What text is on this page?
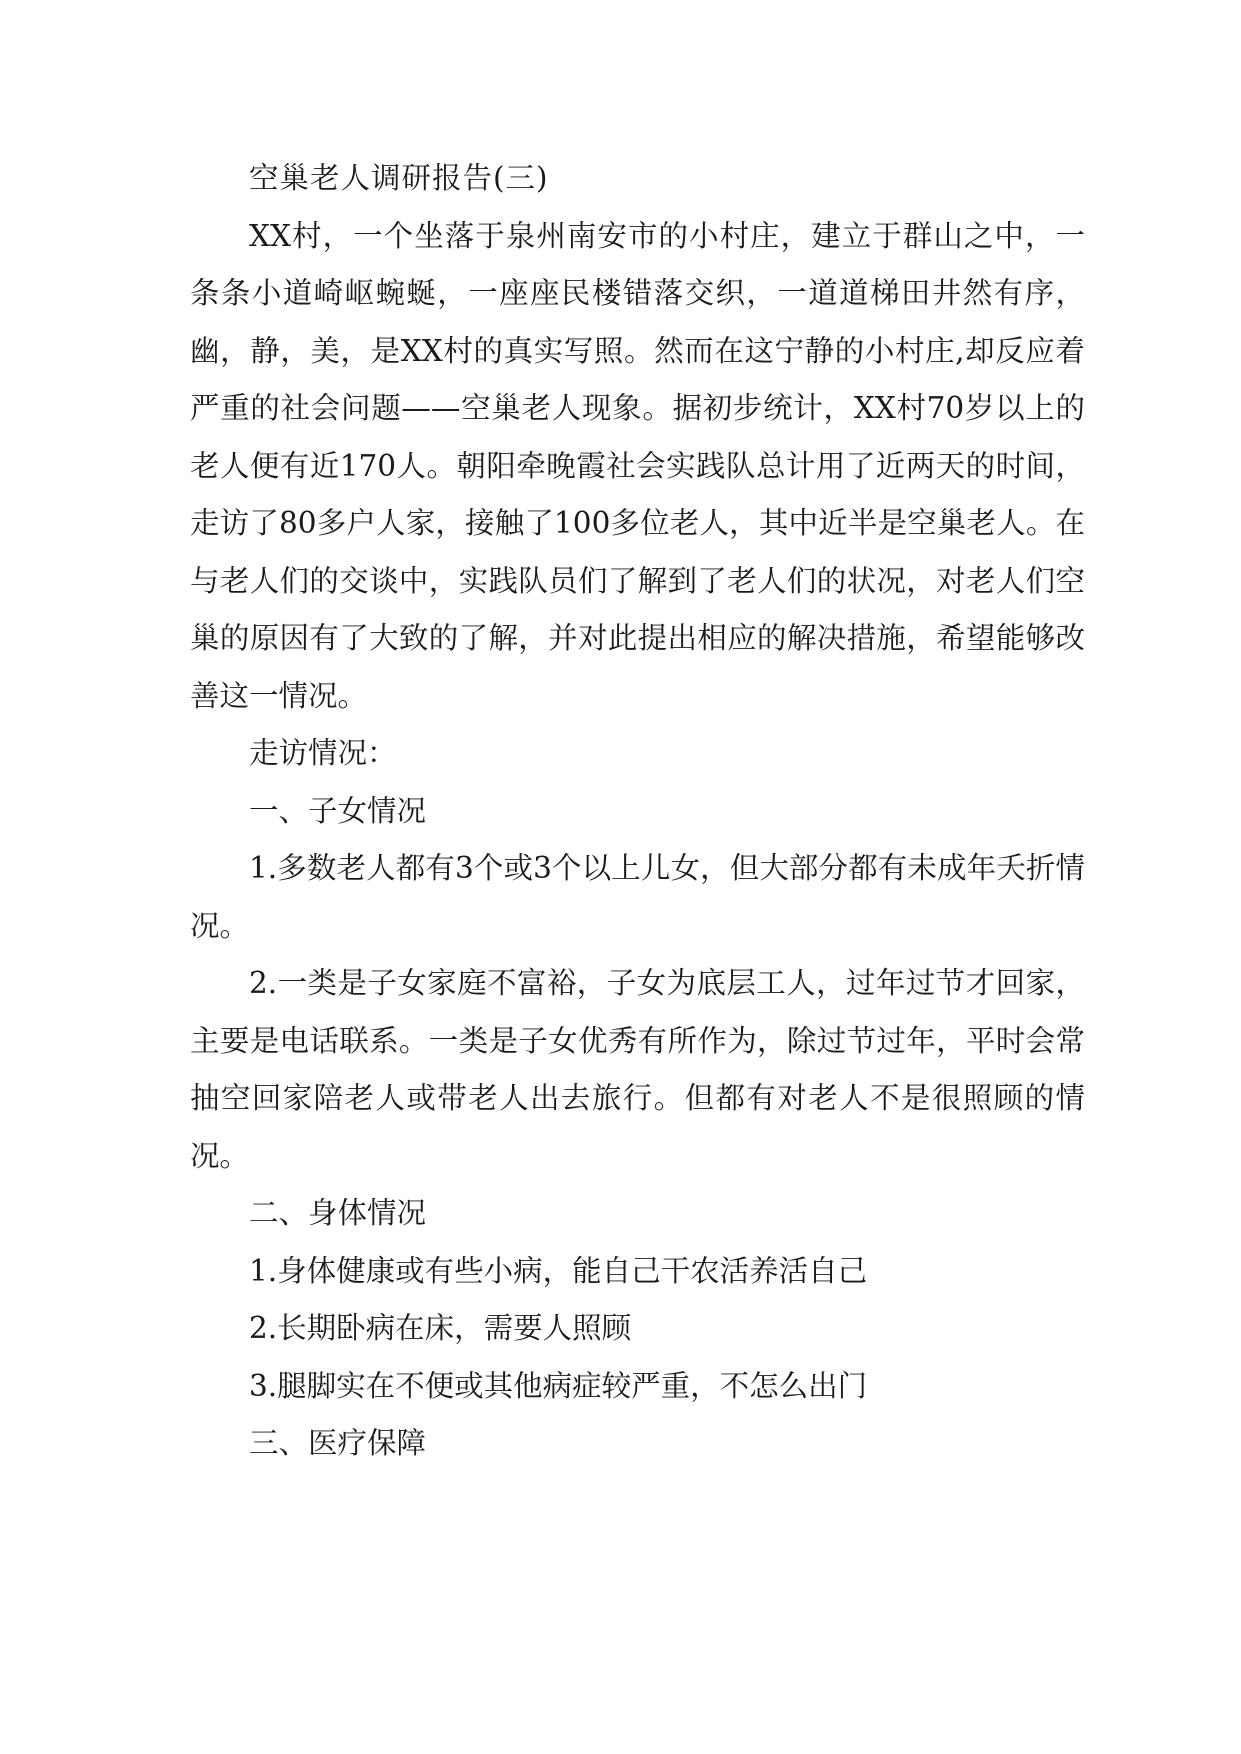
空巢老人调研报告(三)

XX村，一个坐落于泉州南安市的小村庄，建立于群山之中，一条条小道崎岖蜿蜒，一座座民楼错落交织，一道道梯田井然有序，幽，静，美，是XX村的真实写照。然而在这宁静的小村庄,却反应着严重的社会问题——空巢老人现象。据初步统计，XX村70岁以上的老人便有近170人。朝阳牵晚霞社会实践队总计用了近两天的时间，走访了80多户人家，接触了100多位老人，其中近半是空巢老人。在与老人们的交谈中，实践队员们了解到了老人们的状况，对老人们空巢的原因有了大致的了解，并对此提出相应的解决措施，希望能够改善这一情况。

走访情况：

一、子女情况

1.多数老人都有3个或3个以上儿女，但大部分都有未成年夭折情况。

2.一类是子女家庭不富裕，子女为底层工人，过年过节才回家，主要是电话联系。一类是子女优秀有所作为，除过节过年，平时会常抽空回家陪老人或带老人出去旅行。但都有对老人不是很照顾的情况。

二、身体情况

1.身体健康或有些小病，能自己干农活养活自己

2.长期卧病在床，需要人照顾

3.腿脚实在不便或其他病症较严重，不怎么出门

三、医疗保障
